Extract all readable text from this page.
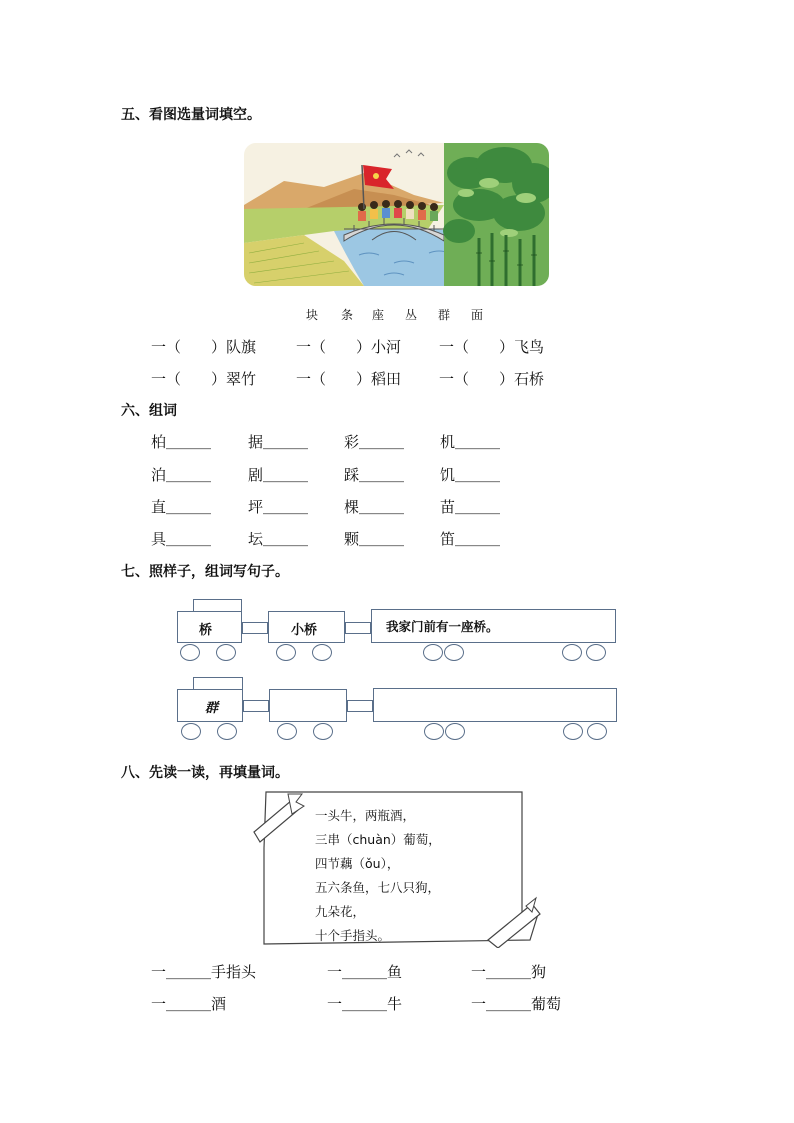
五、看图选量词填空。
块 条 座 丛 群 面
一（　　）队旗	一（　　）小河	一（　　）飞鸟
一（　　）翠竹	一（　　）稻田	一（　　）石桥
六、组词
柏＿＿＿ 据＿＿＿ 彩＿＿＿ 机＿＿＿
泊＿＿＿ 剧＿＿＿ 踩＿＿＿ 饥＿＿＿
直＿＿＿ 坪＿＿＿ 棵＿＿＿ 苗＿＿＿
具＿＿＿ 坛＿＿＿ 颗＿＿＿ 笛＿＿＿
七、照样子，组词写句子。
桥	小桥	我家门前有一座桥。
群
八、先读一读，再填量词。
一头牛，两瓶酒，
三串（chuàn）葡萄，
四节藕（ǒu），
五六条鱼，七八只狗，
九朵花，
十个手指头。
一＿＿＿手指头	一＿＿＿鱼	一＿＿＿狗
一＿＿＿酒	一＿＿＿牛	一＿＿＿葡萄
